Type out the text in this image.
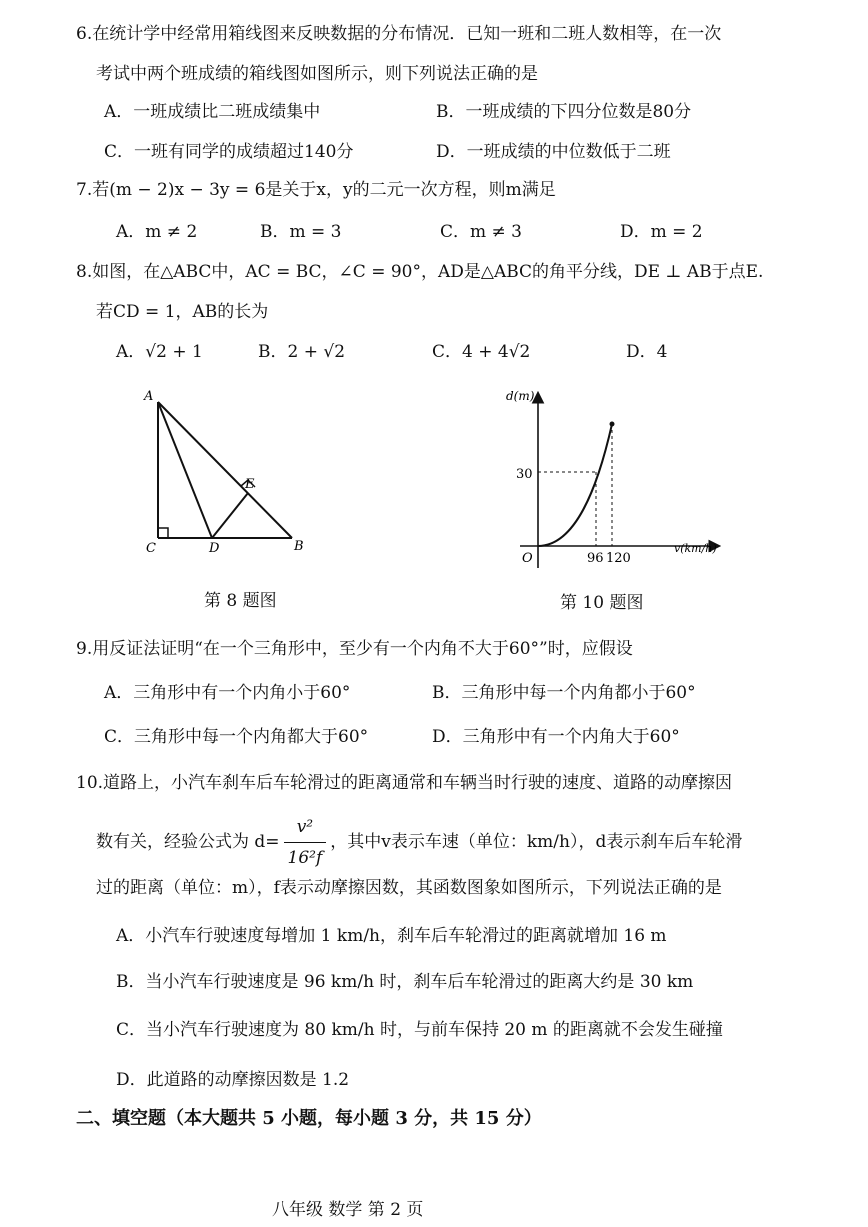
6.在统计学中经常用箱线图来反映数据的分布情况．已知一班和二班人数相等，在一次
考试中两个班成绩的箱线图如图所示，则下列说法正确的是
A．一班成绩比二班成绩集中	B．一班成绩的下四分位数是80分
C．一班有同学的成绩超过140分	D．一班成绩的中位数低于二班
7.若(m − 2)x − 3y = 6是关于x，y的二元一次方程，则m满足
A．m ≠ 2	B．m = 3	C．m ≠ 3	D．m = 2
8.如图，在△ABC中，AC = BC，∠C = 90°，AD是△ABC的角平分线，DE ⊥ AB于点E.
若CD = 1，AB的长为
A．√2 + 1	B．2 + √2	C．4 + 4√2	D．4
A
C	D	B
E
第 8 题图
d(m)
v(km/h)
O
30
96 120
第 10 题图
9.用反证法证明“在一个三角形中，至少有一个内角不大于60°”时，应假设
A．三角形中有一个内角小于60°	B．三角形中每一个内角都小于60°
C．三角形中每一个内角都大于60°	D．三角形中有一个内角大于60°
10.道路上，小汽车刹车后车轮滑过的距离通常和车辆当时行驶的速度、道路的动摩擦因
数有关，经验公式为 $d= \frac{\text{v²}}{\text{16²f}}$ ，其中v表示车速（单位：km/h），d表示刹车后车轮滑
过的距离（单位：m），f表示动摩擦因数，其函数图象如图所示，下列说法正确的是
A．小汽车行驶速度每增加 1 km/h，刹车后车轮滑过的距离就增加 16 m
B．当小汽车行驶速度是 96 km/h 时，刹车后车轮滑过的距离大约是 30 km
C．当小汽车行驶速度为 80 km/h 时，与前车保持 20 m 的距离就不会发生碰撞
D．此道路的动摩擦因数是 1.2
二、填空题（本大题共 5 小题，每小题 3 分，共 15 分）
八年级 数学 第 2 页
